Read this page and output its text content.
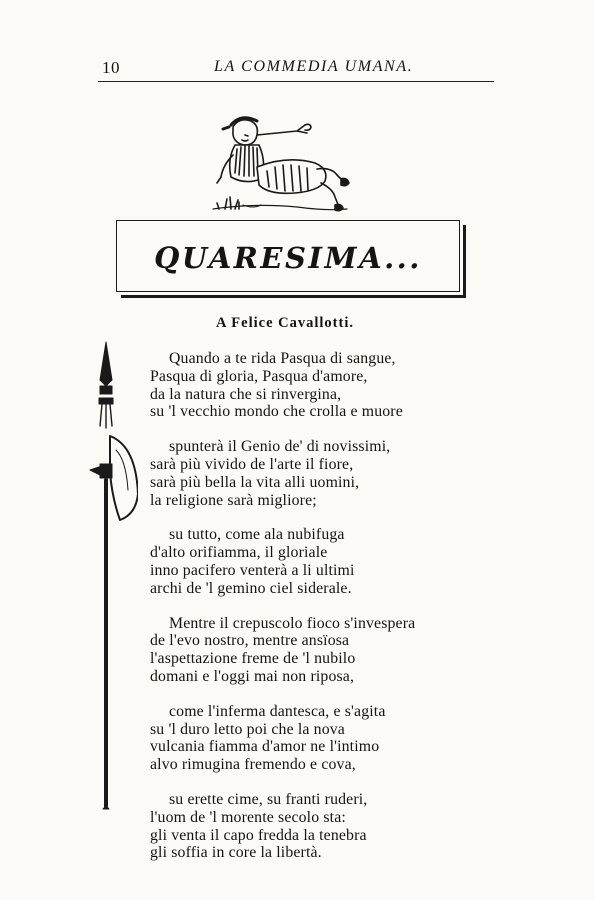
10	LA COMMEDIA UMANA.
QUARESIMA...
A Felice Cavallotti.
Quando a te rida Pasqua di sangue,
Pasqua di gloria, Pasqua d'amore,
da la natura che si rinvergina,
su 'l vecchio mondo che crolla e muore
spunterà il Genio de' di novissimi,
sarà più vivido de l'arte il fiore,
sarà più bella la vita alli uomini,
la religione sarà migliore;
su tutto, come ala nubifuga
d'alto orifiamma, il gloriale
inno pacifero venterà a li ultimi
archi de 'l gemino ciel siderale.
Mentre il crepuscolo fioco s'invespera
de l'evo nostro, mentre ansïosa
l'aspettazione freme de 'l nubilo
domani e l'oggi mai non riposa,
come l'inferma dantesca, e s'agita
su 'l duro letto poi che la nova
vulcania fiamma d'amor ne l'intimo
alvo rimugina fremendo e cova,
su erette cime, su franti ruderi,
l'uom de 'l morente secolo sta:
gli venta il capo fredda la tenebra
gli soffia in core la libertà.
